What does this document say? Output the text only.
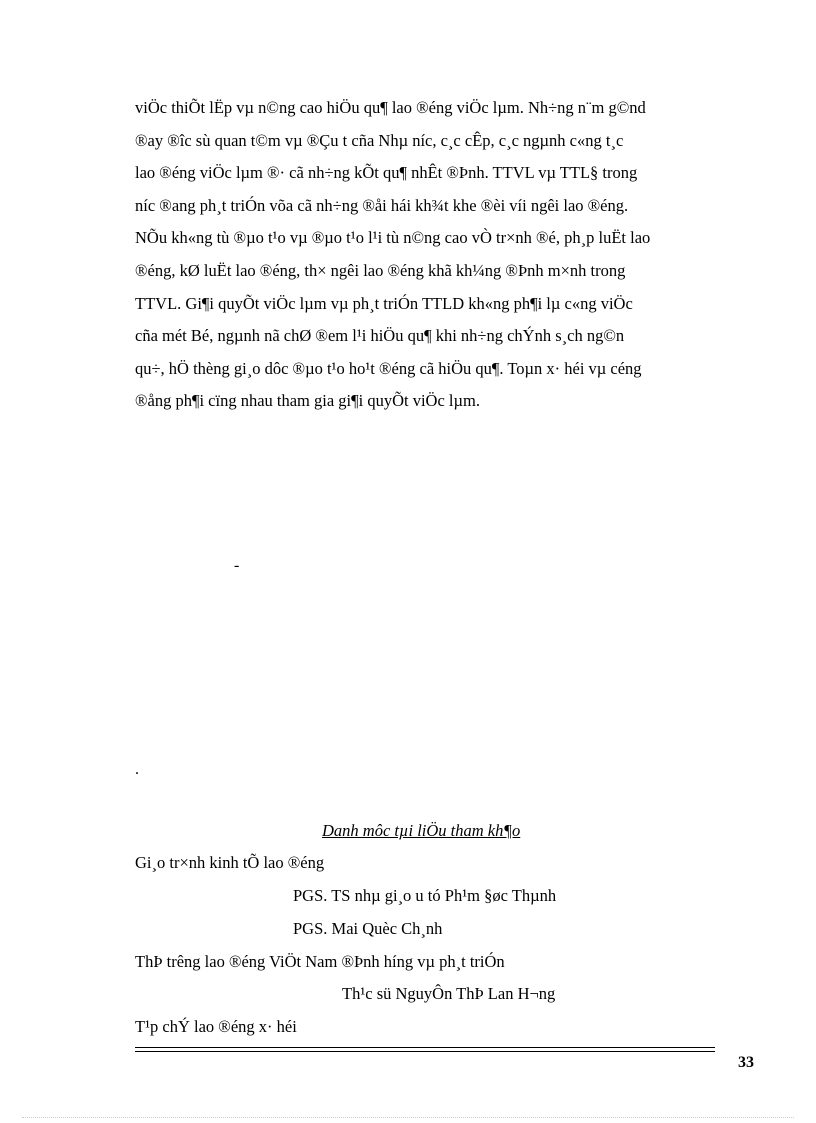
viÖc thiÕt lËp vµ n©ng cao hiÖu qu¶ lao ®éng viÖc lµm. Nh÷ng n¨m g©nd
®ay ®îc sù quan t©m vµ ®Çu t cña Nhµ níc, c¸c cÊp, c¸c ngµnh c«ng t¸c
lao ®éng viÖc lµm ®· cã nh÷ng kÕt qu¶ nhÊt ®Þnh. TTVL vµ TTL§ trong
níc ®ang ph¸t triÓn võa cã nh÷ng ®åi hái kh¾t khe ®èi víi ngêi lao ®éng.
NÕu kh«ng tù ®µo t¹o vµ ®µo t¹o l¹i tù n©ng cao vÒ tr×nh ®é, ph¸p luËt lao
®éng, kØ luËt lao ®éng, th× ngêi lao ®éng khã kh¼ng ®Þnh m×nh trong
TTVL. Gi¶i quyÕt viÖc lµm vµ ph¸t triÓn TTLD kh«ng ph¶i lµ c«ng viÖc
cña mét Bé, ngµnh nã chØ ®em l¹i hiÖu qu¶ khi nh÷ng chÝnh s¸ch ng©n
qu÷, hÖ thèng gi¸o dôc ®µo t¹o ho¹t ®éng cã hiÖu qu¶. Toµn x· héi vµ céng
®ång ph¶i cïng nhau tham gia gi¶i quyÕt viÖc lµm.
-
.
Danh môc tµi liÖu tham kh¶o
Gi¸o tr×nh kinh tÕ lao ®éng
PGS. TS nhµ gi¸o u tó Ph¹m §øc Thµnh
PGS. Mai Quèc Ch¸nh
ThÞ trêng lao ®éng ViÖt Nam ®Þnh híng vµ ph¸t triÓn
Th¹c sü NguyÔn ThÞ Lan H¬ng
T¹p chÝ lao ®éng x· héi
33
